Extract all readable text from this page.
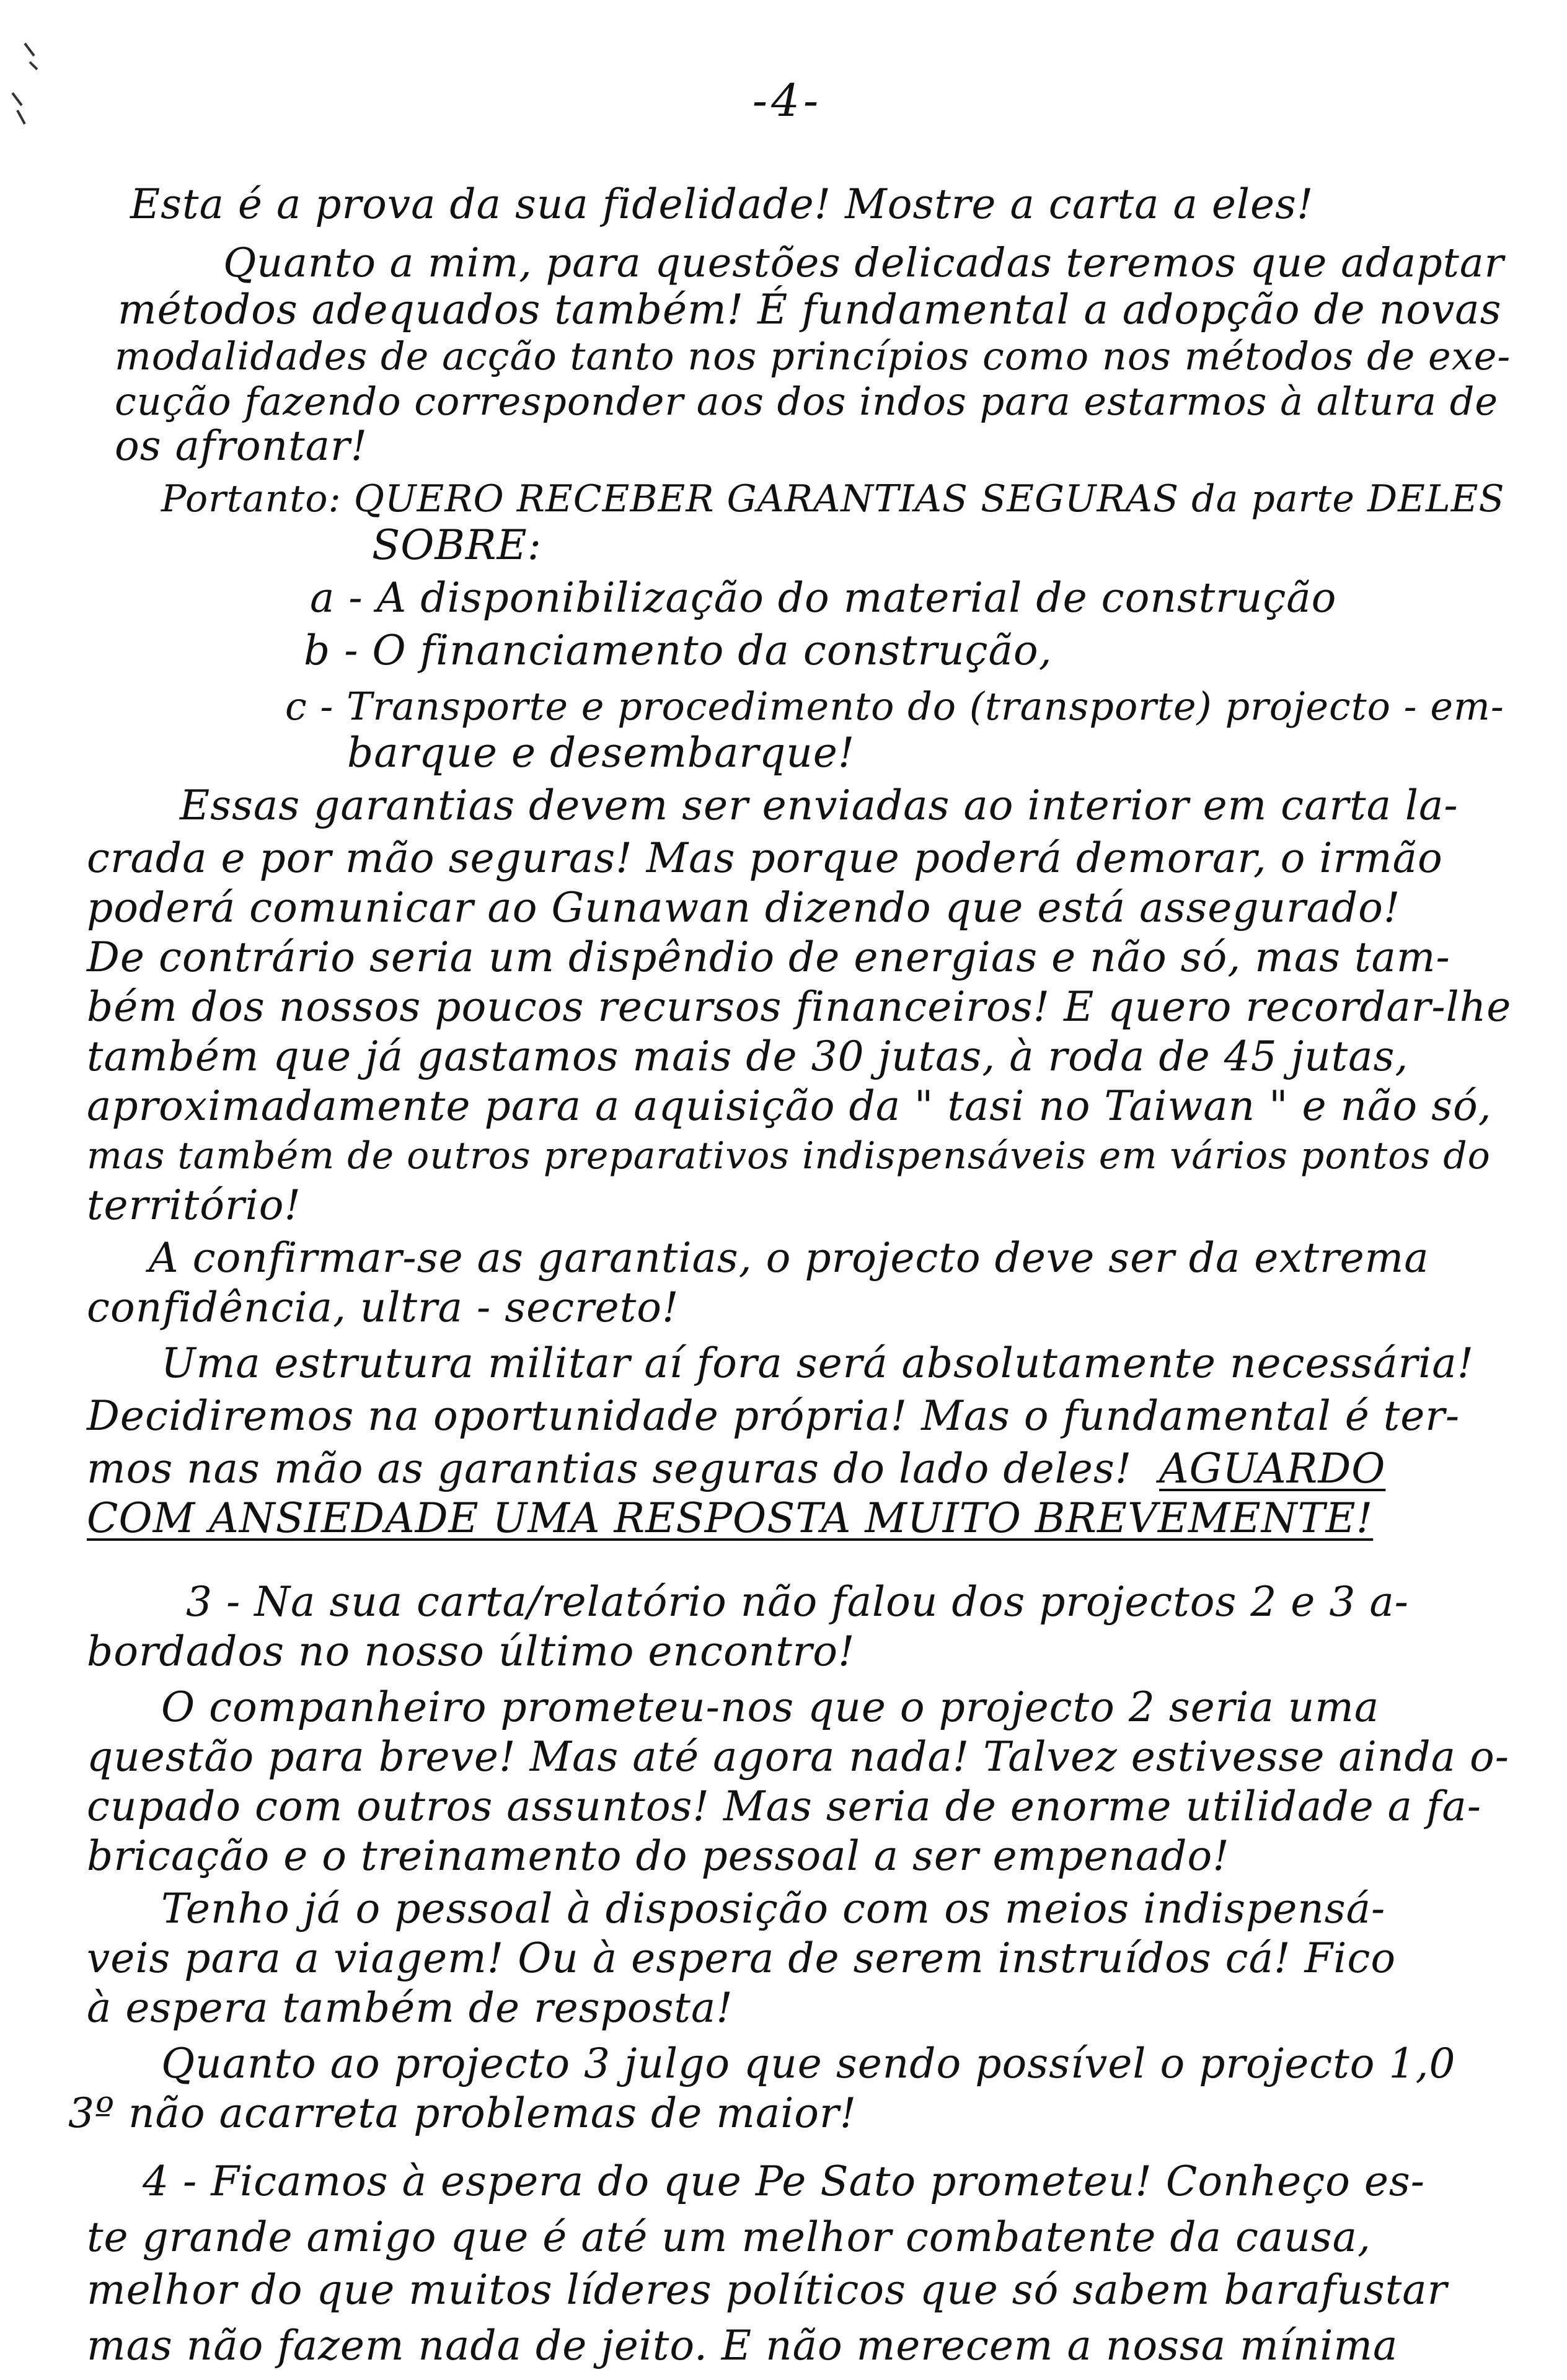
-4-
Esta é a prova da sua fidelidade! Mostre a carta a eles!
Quanto a mim, para questões delicadas teremos que adaptar
métodos adequados também! É fundamental a adopção de novas
modalidades de acção tanto nos princípios como nos métodos de exe-
cução fazendo corresponder aos dos indos para estarmos à altura de
os afrontar!
Portanto: QUERO RECEBER GARANTIAS SEGURAS da parte DELES
SOBRE:
a - A disponibilização do material de construção
b - O financiamento da construção,
c - Transporte e procedimento do (transporte) projecto - em-
barque e desembarque!
Essas garantias devem ser enviadas ao interior em carta la-
crada e por mão seguras! Mas porque poderá demorar, o irmão
poderá comunicar ao Gunawan dizendo que está assegurado!
De contrário seria um dispêndio de energias e não só, mas tam-
bém dos nossos poucos recursos financeiros! E quero recordar-lhe
também que já gastamos mais de 30 jutas, à roda de 45 jutas,
aproximadamente para a aquisição da " tasi no Taiwan " e não só,
mas também de outros preparativos indispensáveis em vários pontos do
território!
A confirmar-se as garantias, o projecto deve ser da extrema
confidência, ultra - secreto!
Uma estrutura militar aí fora será absolutamente necessária!
Decidiremos na oportunidade própria! Mas o fundamental é ter-
mos nas mão as garantias seguras do lado deles! AGUARDO
COM ANSIEDADE UMA RESPOSTA MUITO BREVEMENTE!
3 - Na sua carta/relatório não falou dos projectos 2 e 3 a-
bordados no nosso último encontro!
O companheiro prometeu-nos que o projecto 2 seria uma
questão para breve! Mas até agora nada! Talvez estivesse ainda o-
cupado com outros assuntos! Mas seria de enorme utilidade a fa-
bricação e o treinamento do pessoal a ser empenado!
Tenho já o pessoal à disposição com os meios indispensá-
veis para a viagem! Ou à espera de serem instruídos cá! Fico
à espera também de resposta!
Quanto ao projecto 3 julgo que sendo possível o projecto 1,0
3º não acarreta problemas de maior!
4 - Ficamos à espera do que Pe Sato prometeu! Conheço es-
te grande amigo que é até um melhor combatente da causa,
melhor do que muitos líderes políticos que só sabem barafustar
mas não fazem nada de jeito. E não merecem a nossa mínima
